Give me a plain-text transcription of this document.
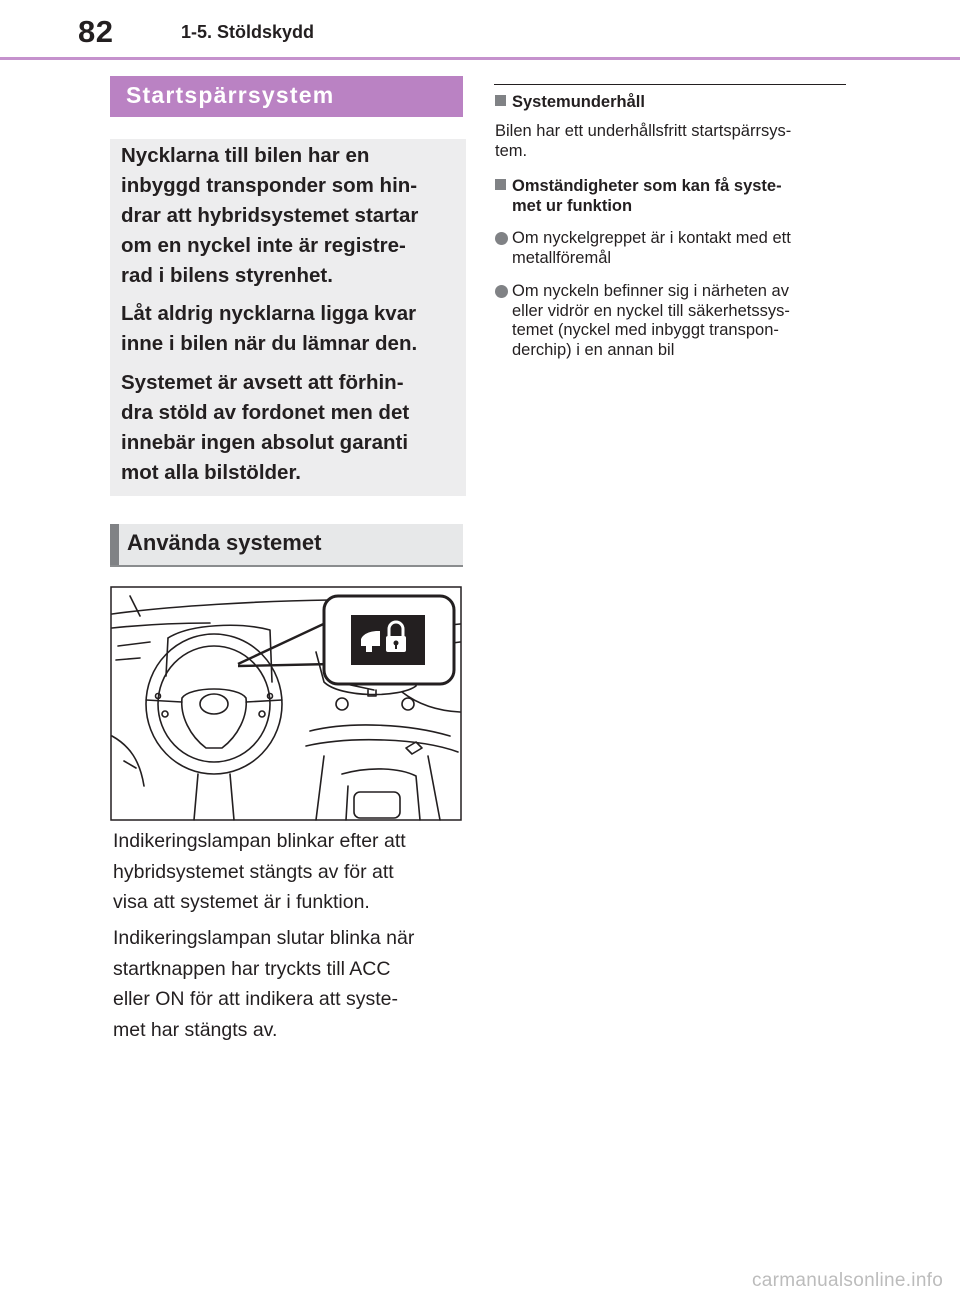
82	1-5. Stöldskydd
Startspärrsystem

Nycklarna till bilen har en
inbyggd transponder som hin-
drar att hybridsystemet startar
om en nyckel inte är registre-
rad i bilens styrenhet.

Låt aldrig nycklarna ligga kvar
inne i bilen när du lämnar den.

Systemet är avsett att förhin-
dra stöld av fordonet men det
innebär ingen absolut garanti
mot alla bilstölder.

Använda systemet

Indikeringslampan blinkar efter att
hybridsystemet stängts av för att
visa att systemet är i funktion.

Indikeringslampan slutar blinka när
startknappen har tryckts till ACC
eller ON för att indikera att syste-
met har stängts av.

Systemunderhåll

Bilen har ett underhållsfritt startspärrsys-
tem.

Omständigheter som kan få syste-
met ur funktion
Om nyckelgreppet är i kontakt med ett
metallföremål
Om nyckeln befinner sig i närheten av
eller vidrör en nyckel till säkerhetssys-
temet (nyckel med inbyggt transpon-
derchip) i en annan bil
carmanualsonline.info
